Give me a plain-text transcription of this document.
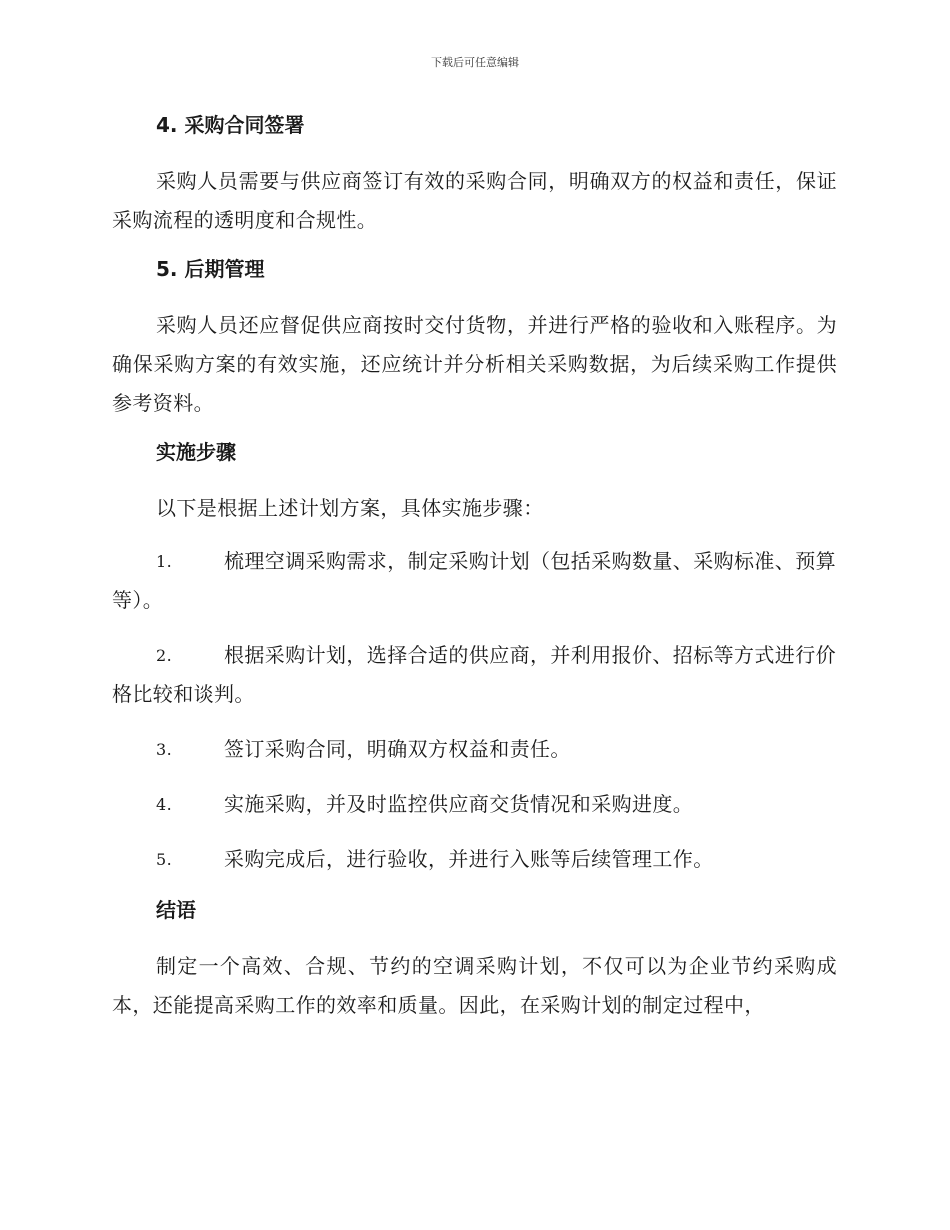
下载后可任意编辑
4. 采购合同签署
采购人员需要与供应商签订有效的采购合同，明确双方的权益和责任，保证采购流程的透明度和合规性。
5. 后期管理
采购人员还应督促供应商按时交付货物，并进行严格的验收和入账程序。为确保采购方案的有效实施，还应统计并分析相关采购数据，为后续采购工作提供参考资料。
实施步骤
以下是根据上述计划方案，具体实施步骤：
1.	梳理空调采购需求，制定采购计划（包括采购数量、采购标准、预算等）。
2.	根据采购计划，选择合适的供应商，并利用报价、招标等方式进行价格比较和谈判。
3.	签订采购合同，明确双方权益和责任。
4.	实施采购，并及时监控供应商交货情况和采购进度。
5.	采购完成后，进行验收，并进行入账等后续管理工作。
结语
制定一个高效、合规、节约的空调采购计划，不仅可以为企业节约采购成本，还能提高采购工作的效率和质量。因此，在采购计划的制定过程中，
